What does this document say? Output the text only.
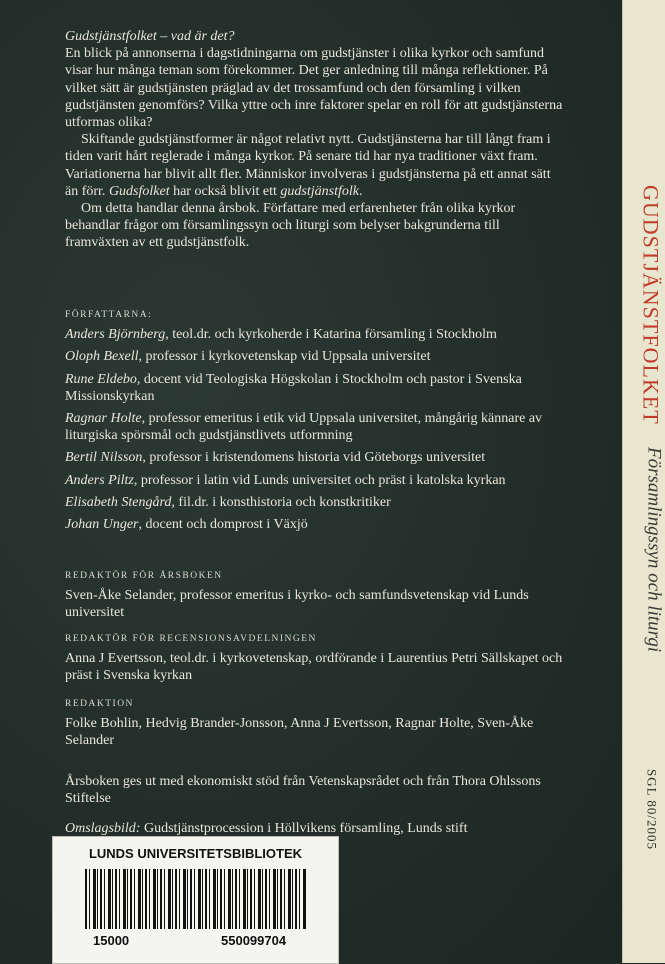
Gudstjänstfolket – vad är det?

En blick på annonserna i dagstidningarna om gudstjänster i olika kyrkor och samfund visar hur många teman som förekommer. Det ger anledning till många reflektioner. På vilket sätt är gudstjänsten präglad av det trossamfund och den församling i vilken gudstjänsten genomförs? Vilka yttre och inre faktorer spelar en roll för att gudstjänsterna utformas olika?

Skiftande gudstjänstformer är något relativt nytt. Gudstjänsterna har till långt fram i tiden varit hårt reglerade i många kyrkor. På senare tid har nya traditioner växt fram. Variationerna har blivit allt fler. Människor involveras i gudstjänsterna på ett annat sätt än förr. Gudsfolket har också blivit ett gudstjänstfolk.

Om detta handlar denna årsbok. Författare med erfarenheter från olika kyrkor behandlar frågor om församlingssyn och liturgi som belyser bakgrunderna till framväxten av ett gudstjänstfolk.

FÖRFATTARNA:
Anders Björnberg, teol.dr. och kyrkoherde i Katarina församling i Stockholm
Oloph Bexell, professor i kyrkovetenskap vid Uppsala universitet
Rune Eldebo, docent vid Teologiska Högskolan i Stockholm och pastor i Svenska Missionskyrkan
Ragnar Holte, professor emeritus i etik vid Uppsala universitet, mångårig kännare av liturgiska spörsmål och gudstjänstlivets utformning
Bertil Nilsson, professor i kristendomens historia vid Göteborgs universitet
Anders Piltz, professor i latin vid Lunds universitet och präst i katolska kyrkan
Elisabeth Stengård, fil.dr. i konsthistoria och konstkritiker
Johan Unger, docent och domprost i Växjö
REDAKTÖR FÖR ÅRSBOKEN
Sven-Åke Selander, professor emeritus i kyrko- och samfundsvetenskap vid Lunds universitet
REDAKTÖR FÖR RECENSIONSAVDELNINGEN
Anna J Evertsson, teol.dr. i kyrkovetenskap, ordförande i Laurentius Petri Sällskapet och präst i Svenska kyrkan
REDAKTION
Folke Bohlin, Hedvig Brander-Jonsson, Anna J Evertsson, Ragnar Holte, Sven-Åke Selander
Årsboken ges ut med ekonomiskt stöd från Vetenskapsrådet och från Thora Ohlssons Stiftelse
Omslagsbild: Gudstjänstprocession i Höllvikens församling, Lunds stift
LUNDS UNIVERSITETSBIBLIOTEK
15000	550099704
GUDSTJÄNSTFOLKET
Församlingssyn och liturgi
SGL 80/2005
